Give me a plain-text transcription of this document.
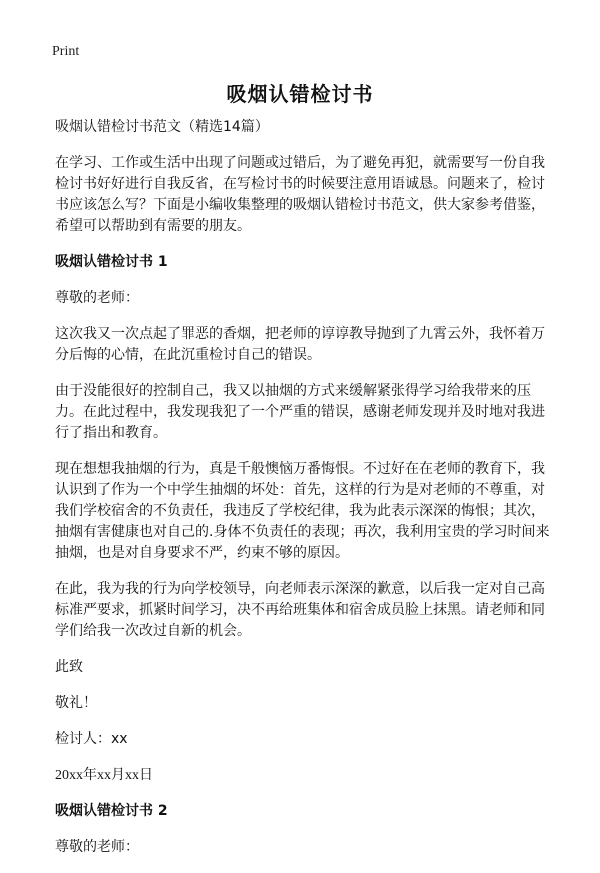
Print
吸烟认错检讨书

吸烟认错检讨书范文（精选14篇）

在学习、工作或生活中出现了问题或过错后，为了避免再犯，就需要写一份自我检讨书好好进行自我反省，在写检讨书的时候要注意用语诚恳。问题来了，检讨书应该怎么写？下面是小编收集整理的吸烟认错检讨书范文，供大家参考借鉴，希望可以帮助到有需要的朋友。

吸烟认错检讨书 1

尊敬的老师：

这次我又一次点起了罪恶的香烟，把老师的谆谆教导抛到了九霄云外，我怀着万分后悔的心情，在此沉重检讨自己的错误。

由于没能很好的控制自己，我又以抽烟的方式来缓解紧张得学习给我带来的压力。在此过程中，我发现我犯了一个严重的错误，感谢老师发现并及时地对我进行了指出和教育。

现在想想我抽烟的行为，真是千般懊恼万番悔恨。不过好在在老师的教育下，我认识到了作为一个中学生抽烟的坏处：首先，这样的行为是对老师的不尊重，对我们学校宿舍的不负责任，我违反了学校纪律，我为此表示深深的悔恨；其次，抽烟有害健康也对自己的.身体不负责任的表现；再次，我利用宝贵的学习时间来抽烟，也是对自身要求不严，约束不够的原因。

在此，我为我的行为向学校领导，向老师表示深深的歉意，以后我一定对自己高标准严要求，抓紧时间学习，决不再给班集体和宿舍成员脸上抹黑。请老师和同学们给我一次改过自新的机会。

此致

敬礼！

检讨人：xx

20xx年xx月xx日

吸烟认错检讨书 2

尊敬的老师：
